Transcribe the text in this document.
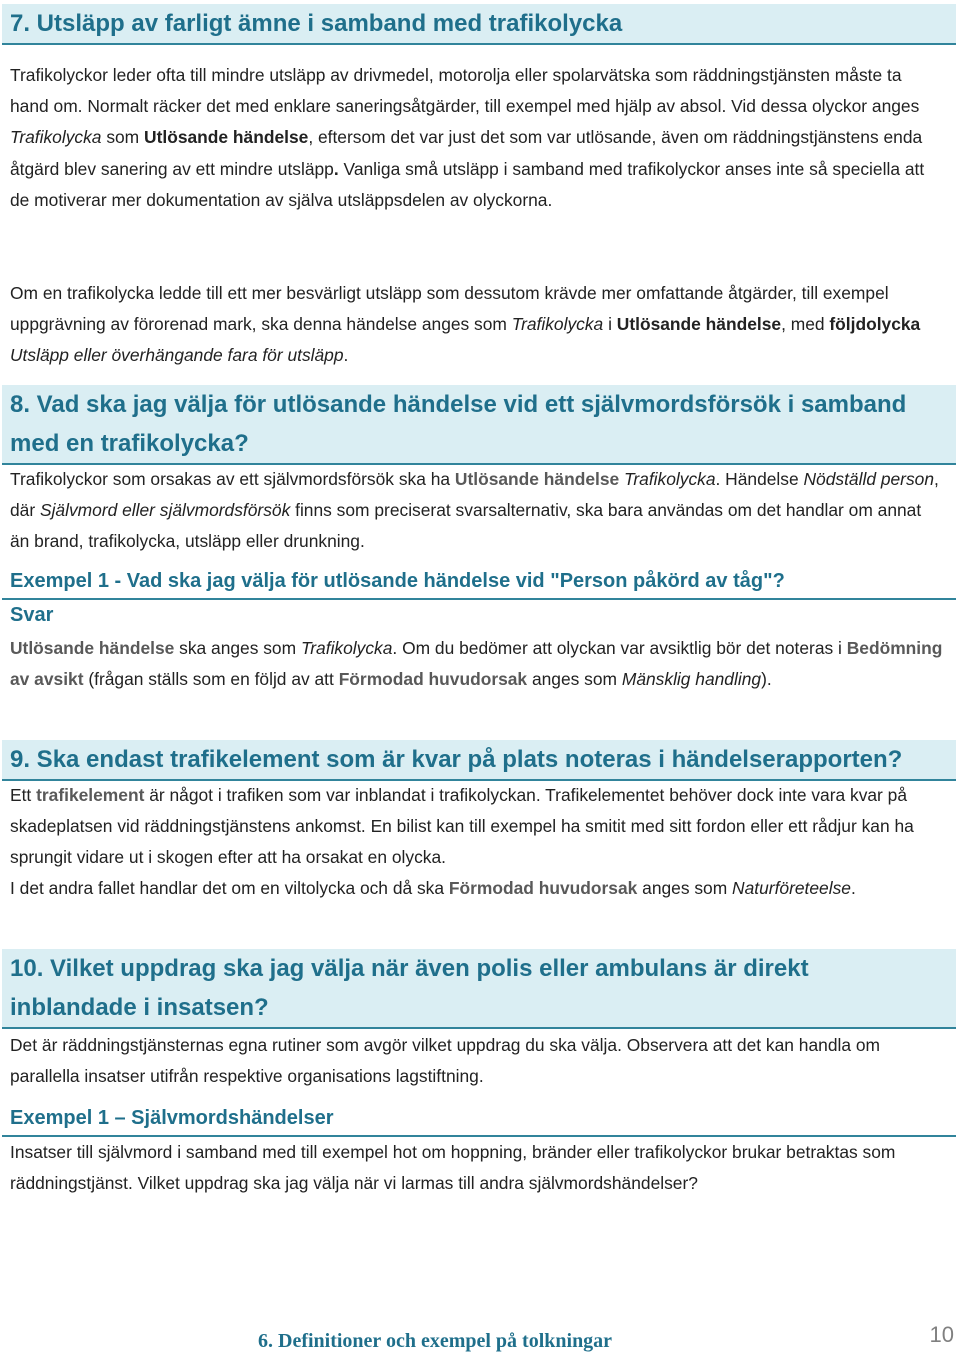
7. Utsläpp av farligt ämne i samband med trafikolycka

Trafikolyckor leder ofta till mindre utsläpp av drivmedel, motorolja eller spolarvätska som räddningstjänsten måste ta hand om. Normalt räcker det med enklare saneringsåtgärder, till exempel med hjälp av absol. Vid dessa olyckor anges Trafikolycka som Utlösande händelse, eftersom det var just det som var utlösande, även om räddningstjänstens enda åtgärd blev sanering av ett mindre utsläpp. Vanliga små utsläpp i samband med trafikolyckor anses inte så speciella att de motiverar mer dokumentation av själva utsläppsdelen av olyckorna.

Om en trafikolycka ledde till ett mer besvärligt utsläpp som dessutom krävde mer omfattande åtgärder, till exempel uppgrävning av förorenad mark, ska denna händelse anges som Trafikolycka i Utlösande händelse, med följdolycka Utsläpp eller överhängande fara för utsläpp.

8. Vad ska jag välja för utlösande händelse vid ett självmordsförsök i samband
med en trafikolycka?

Trafikolyckor som orsakas av ett självmordsförsök ska ha Utlösande händelse Trafikolycka. Händelse Nödställd person, där Självmord eller självmordsförsök finns som preciserat svarsalternativ, ska bara användas om det handlar om annat än brand, trafikolycka, utsläpp eller drunkning.

Exempel 1 - Vad ska jag välja för utlösande händelse vid "Person påkörd av tåg"?
Svar

Utlösande händelse ska anges som Trafikolycka. Om du bedömer att olyckan var avsiktlig bör det noteras i Bedömning av avsikt (frågan ställs som en följd av att Förmodad huvudorsak anges som Mänsklig handling).

9. Ska endast trafikelement som är kvar på plats noteras i händelserapporten?

Ett trafikelement är något i trafiken som var inblandat i trafikolyckan. Trafikelementet behöver dock inte vara kvar på skadeplatsen vid räddningstjänstens ankomst. En bilist kan till exempel ha smitit med sitt fordon eller ett rådjur kan ha sprungit vidare ut i skogen efter att ha orsakat en olycka.

I det andra fallet handlar det om en viltolycka och då ska Förmodad huvudorsak anges som Naturföreteelse.

10. Vilket uppdrag ska jag välja när även polis eller ambulans är direkt
inblandade i insatsen?

Det är räddningstjänsternas egna rutiner som avgör vilket uppdrag du ska välja. Observera att det kan handla om parallella insatser utifrån respektive organisations lagstiftning.

Exempel 1 – Självmordshändelser

Insatser till självmord i samband med till exempel hot om hoppning, bränder eller trafikolyckor brukar betraktas som räddningstjänst. Vilket uppdrag ska jag välja när vi larmas till andra självmordshändelser?

6. Definitioner och exempel på tolkningar	10
